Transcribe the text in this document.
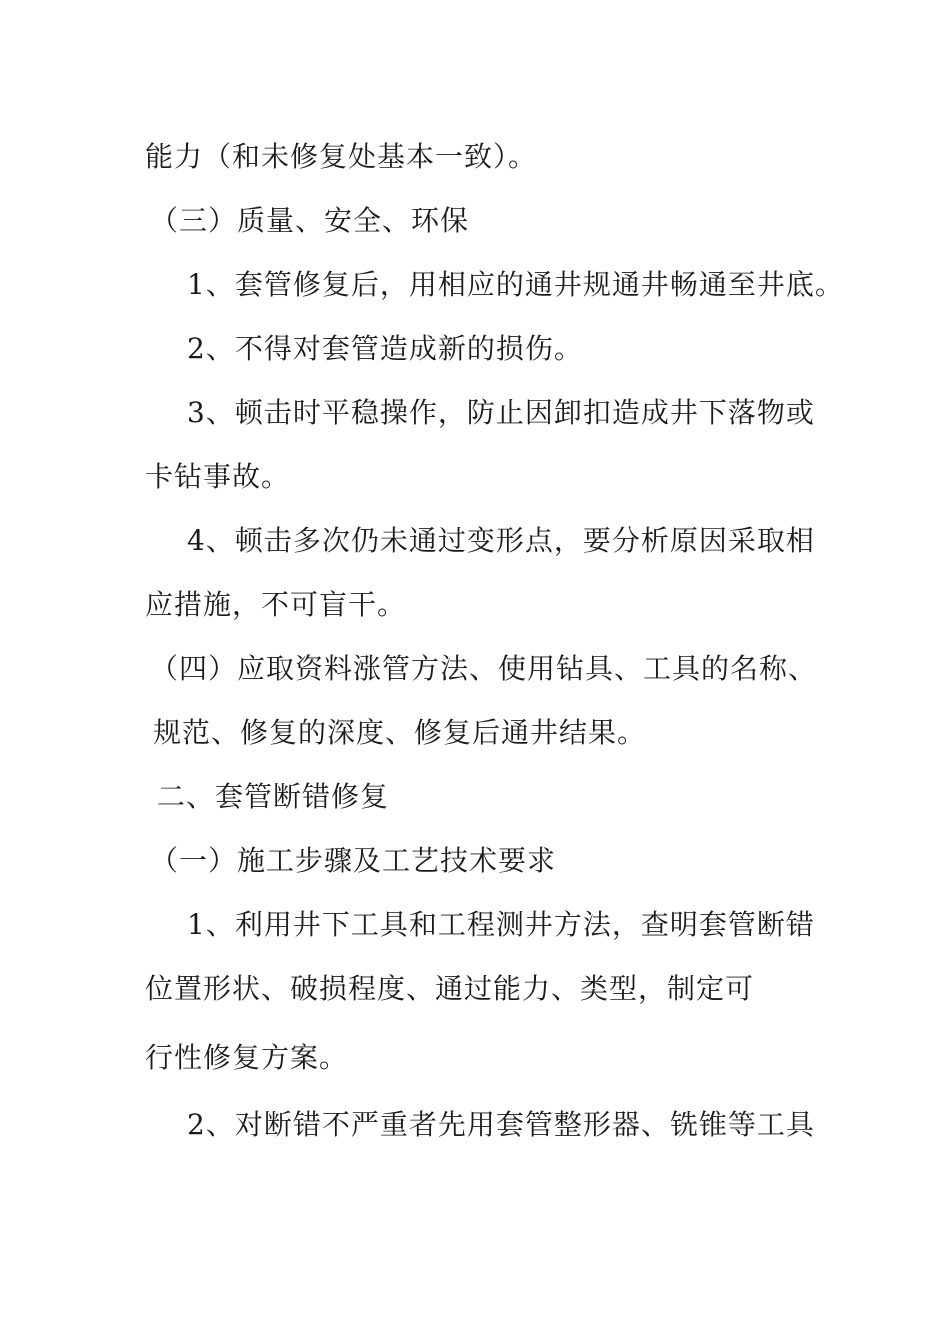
能力（和未修复处基本一致）。
（三）质量、安全、环保
1、套管修复后，用相应的通井规通井畅通至井底。
2、不得对套管造成新的损伤。
3、顿击时平稳操作，防止因卸扣造成井下落物或
卡钻事故。
4、顿击多次仍未通过变形点，要分析原因采取相
应措施，不可盲干。
（四）应取资料涨管方法、使用钻具、工具的名称、
规范、修复的深度、修复后通井结果。
二、套管断错修复
（一）施工步骤及工艺技术要求
1、利用井下工具和工程测井方法，查明套管断错
位置形状、破损程度、通过能力、类型，制定可
行性修复方案。
2、对断错不严重者先用套管整形器、铣锥等工具
